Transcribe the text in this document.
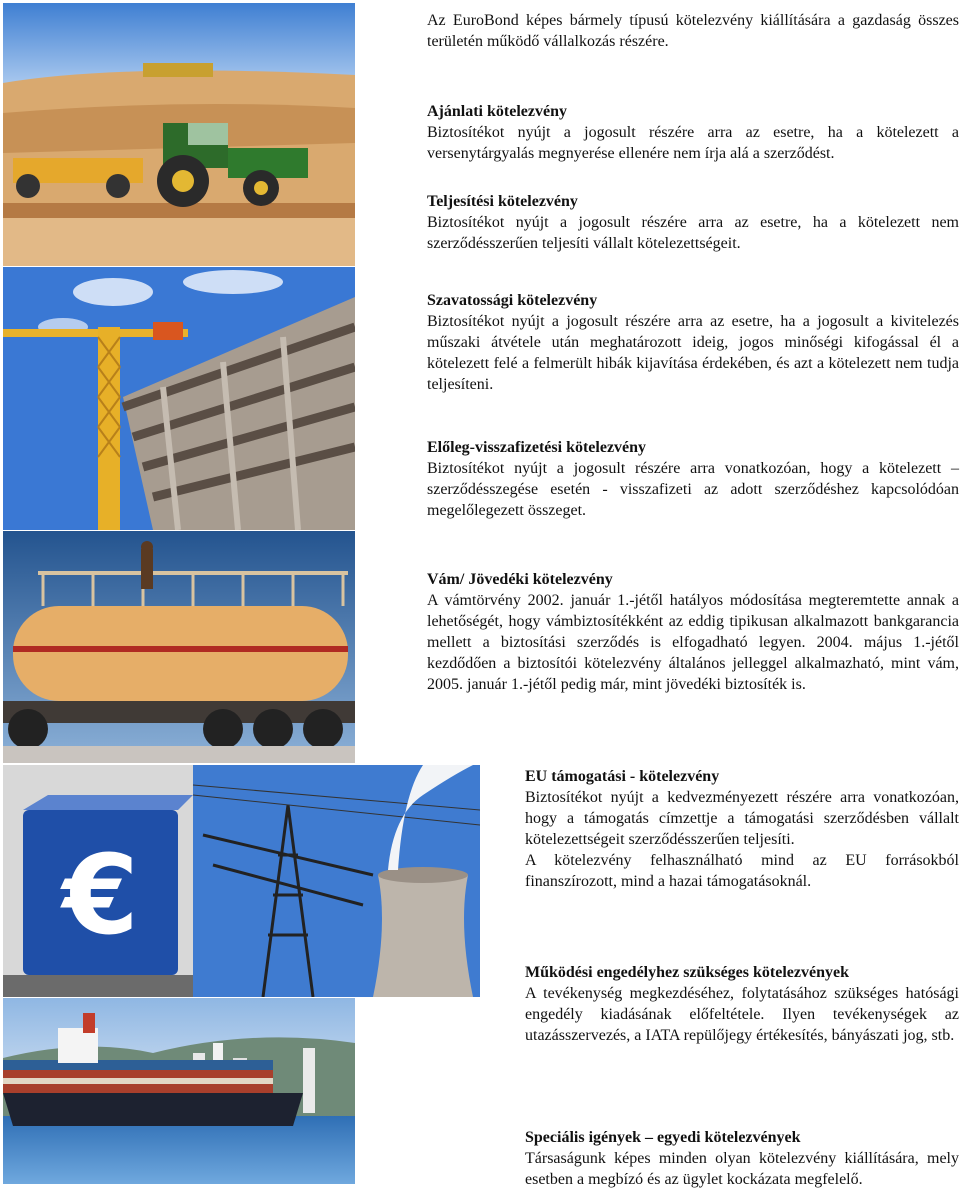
€

Az EuroBond képes bármely típusú kötelezvény kiállítására a gazdaság összes területén működő vállalkozás részére.

Ajánlati kötelezvény

Biztosítékot nyújt a jogosult részére arra az esetre, ha a kötelezett a versenytárgyalás megnyerése ellenére nem írja alá a szerződést.

Teljesítési kötelezvény

Biztosítékot nyújt a jogosult részére arra az esetre, ha a kötelezett nem szerződésszerűen teljesíti vállalt kötelezettségeit.

Szavatossági kötelezvény

Biztosítékot nyújt a jogosult részére arra az esetre, ha a jogosult a kivitelezés műszaki átvétele után meghatározott ideig, jogos minőségi kifogással él a kötelezett felé a felmerült hibák kijavítása érdekében, és azt a kötelezett nem tudja teljesíteni.

Előleg-visszafizetési kötelezvény

Biztosítékot nyújt a jogosult részére arra vonatkozóan, hogy a kötelezett – szerződésszegése esetén - visszafizeti az adott szerződéshez kapcsolódóan megelőlegezett összeget.

Vám/ Jövedéki kötelezvény

A vámtörvény 2002. január 1.-jétől hatályos módosítása megteremtette annak a lehetőségét, hogy vámbiztosítékként az eddig tipikusan alkalmazott bankgarancia mellett a biztosítási szerződés is elfogadható legyen. 2004. május 1.-jétől kezdődően a biztosítói kötelezvény általános jelleggel alkalmazható, mint vám, 2005. január 1.-jétől pedig már, mint jövedéki biztosíték is.

EU támogatási - kötelezvény

Biztosítékot nyújt a kedvezményezett részére arra vonatkozóan, hogy a támogatás címzettje a támogatási szerződésben vállalt kötelezettségeit szerződésszerűen teljesíti.

A kötelezvény felhasználható mind az EU forrásokból finanszírozott, mind a hazai támogatásoknál.

Működési engedélyhez szükséges kötelezvények

A tevékenység megkezdéséhez, folytatásához szükséges hatósági engedély kiadásának előfeltétele. Ilyen tevékenységek az utazásszervezés, a IATA repülőjegy értékesítés, bányászati jog, stb.

Speciális igények – egyedi kötelezvények

Társaságunk képes minden olyan kötelezvény kiállítására, mely esetben a megbízó és az ügylet kockázata megfelelő.
